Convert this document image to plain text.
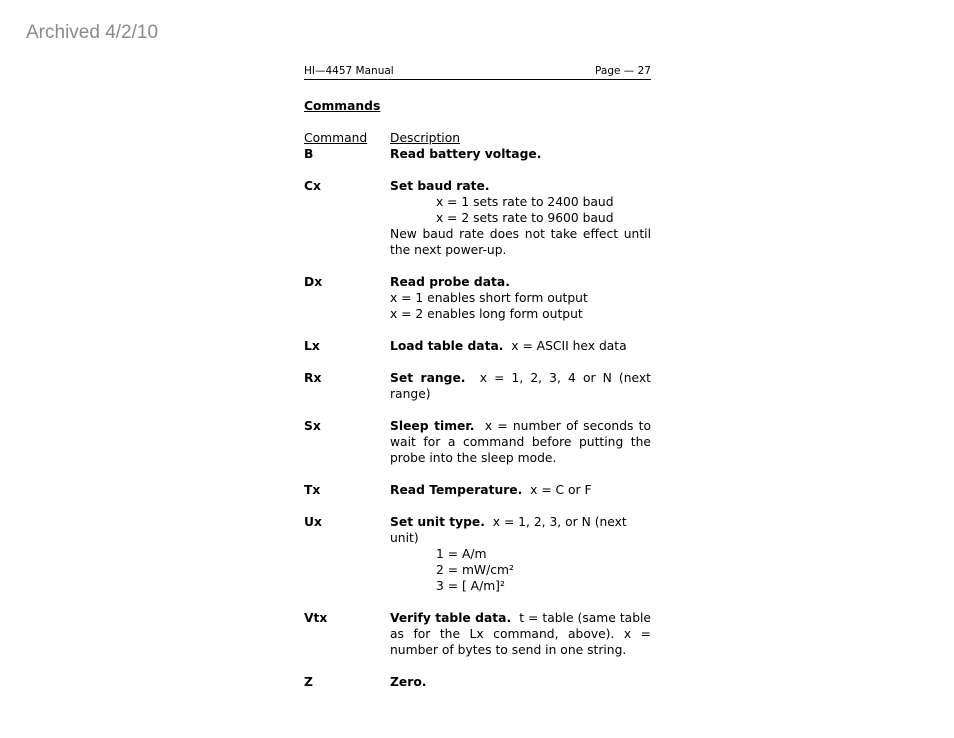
Archived 4/2/10
HI—4457 Manual	Page — 27
Commands
Command	Description
B	Read battery voltage.
Cx	Set baud rate.
x = 1 sets rate to 2400 baud
x = 2 sets rate to 9600 baud
New baud rate does not take effect until the next power-up.
Dx	Read probe data.
x = 1 enables short form output
x = 2 enables long form output
Lx	Load table data. x = ASCII hex data
Rx	Set range. x = 1, 2, 3, 4 or N (next range)
Sx	Sleep timer. x = number of seconds to wait for a command before putting the probe into the sleep mode.
Tx	Read Temperature. x = C or F
Ux	Set unit type. x = 1, 2, 3, or N (next unit)
1 = A/m
2 = mW/cm²
3 = [ A/m]²
Vtx	Verify table data. t = table (same table as for the Lx command, above). x = number of bytes to send in one string.
Z	Zero.
